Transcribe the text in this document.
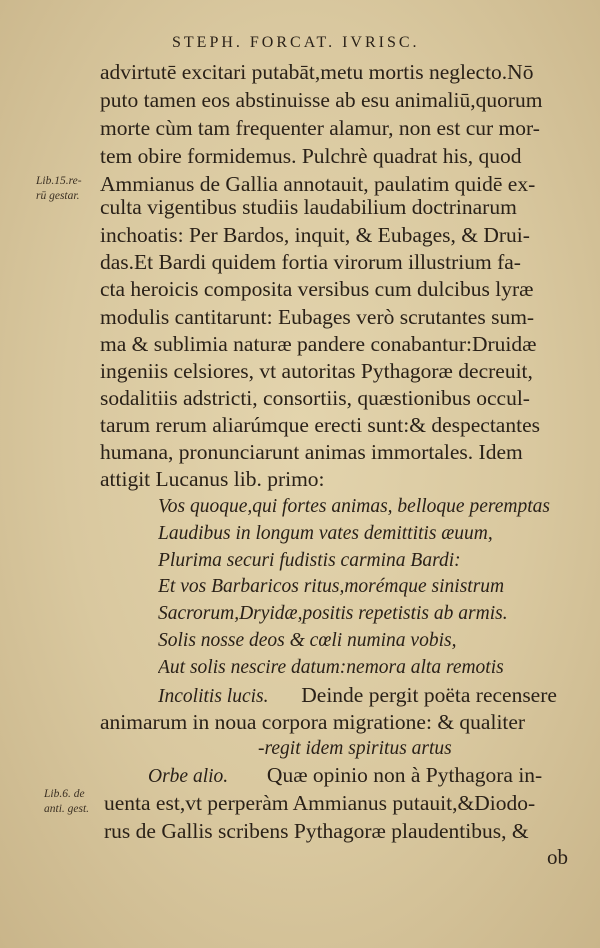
STEPH. FORCAT. IVRISC.
Lib.15.re-
rū gestar.
Lib.6. de
anti. gest.
advirtutē excitari putabāt,metu mortis neglecto.Nō
puto tamen eos abstinuisse ab esu animaliū,quorum
morte cùm tam frequenter alamur, non est cur mor-
tem obire formidemus. Pulchrè quadrat his, quod
Ammianus de Gallia annotauit, paulatim quidē ex-
culta vigentibus studiis laudabilium doctrinarum
inchoatis: Per Bardos, inquit, & Eubages, & Drui-
das.Et Bardi quidem fortia virorum illustrium fa-
cta heroicis composita versibus cum dulcibus lyræ
modulis cantitarunt: Eubages verò scrutantes sum-
ma & sublimia naturæ pandere conabantur:Druidæ
ingeniis celsiores, vt autoritas Pythagoræ decreuit,
sodalitiis adstricti, consortiis, quæstionibus occul-
tarum rerum aliarúmque erecti sunt:& despectantes
humana, pronunciarunt animas immortales. Idem
attigit Lucanus lib. primo:
Vos quoque,qui fortes animas, belloque peremptas
Laudibus in longum vates demittitis æuum,
Plurima securi fudistis carmina Bardi:
Et vos Barbaricos ritus,morémque sinistrum
Sacrorum,Dryidæ,positis repetistis ab armis.
Solis nosse deos & cœli numina vobis,
Aut solis nescire datum:nemora alta remotis
Incolitis lucis. Deinde pergit poëta recensere
animarum in noua corpora migratione: & qualiter
-regit idem spiritus artus
Orbe alio. Quæ opinio non à Pythagora in-
uenta est,vt perperàm Ammianus putauit,&Diodo-
rus de Gallis scribens Pythagoræ plaudentibus, &
ob
